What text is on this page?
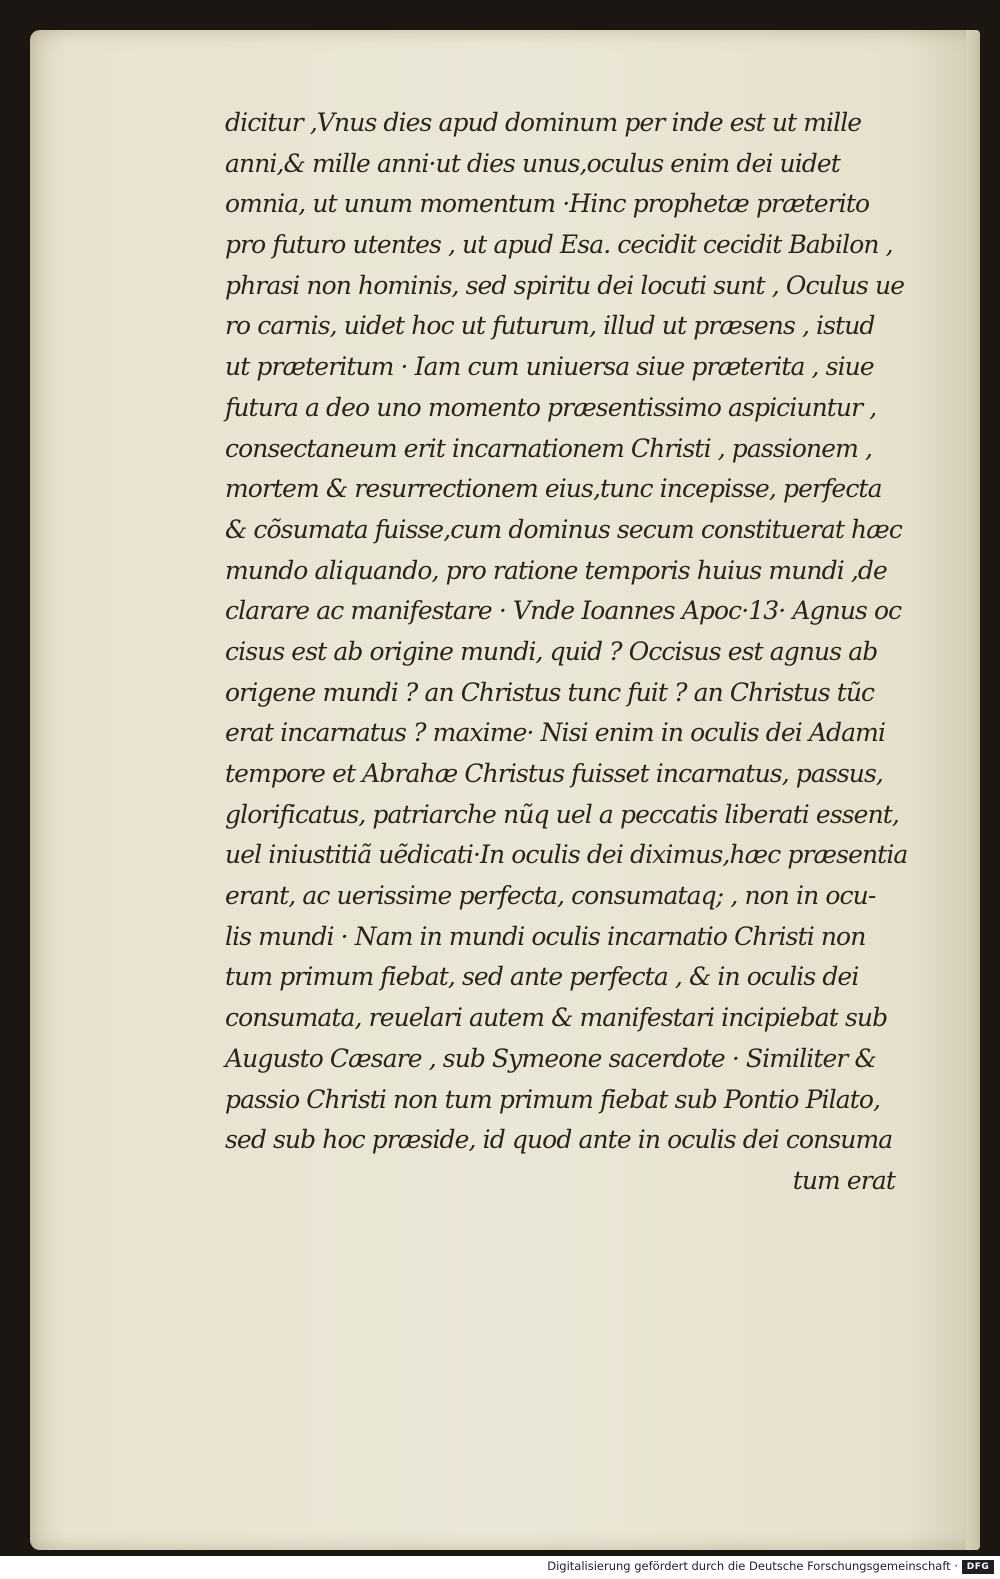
dicitur ,Vnus dies apud dominum per inde est ut mille
anni,& mille anni·ut dies unus,oculus enim dei uidet
omnia, ut unum momentum ·Hinc prophetæ præterito
pro futuro utentes , ut apud Esa. cecidit cecidit Babilon ,
phrasi non hominis, sed spiritu dei locuti sunt , Oculus ue
ro carnis, uidet hoc ut futurum, illud ut præsens , istud
ut præteritum · Iam cum uniuersa siue præterita , siue
futura a deo uno momento præsentissimo aspiciuntur ,
consectaneum erit incarnationem Christi , passionem ,
mortem & resurrectionem eius,tunc incepisse, perfecta
& cõsumata fuisse,cum dominus secum constituerat hæc
mundo aliquando, pro ratione temporis huius mundi ,de
clarare ac manifestare · Vnde Ioannes Apoc·13· Agnus oc
cisus est ab origine mundi, quid ? Occisus est agnus ab
origene mundi ? an Christus tunc fuit ? an Christus tũc
erat incarnatus ? maxime· Nisi enim in oculis dei Adami
tempore et Abrahæ Christus fuisset incarnatus, passus,
glorificatus, patriarche nũq uel a peccatis liberati essent,
uel iniustitiã uẽdicati·In oculis dei diximus,hæc præsentia
erant, ac uerissime perfecta, consumataq; , non in ocu-
lis mundi · Nam in mundi oculis incarnatio Christi non
tum primum fiebat, sed ante perfecta , & in oculis dei
consumata, reuelari autem & manifestari incipiebat sub
Augusto Cæsare , sub Symeone sacerdote · Similiter &
passio Christi non tum primum fiebat sub Pontio Pilato,
sed sub hoc præside, id quod ante in oculis dei consuma
tum erat
Digitalisierung gefördert durch die Deutsche Forschungsgemeinschaft · DFG
